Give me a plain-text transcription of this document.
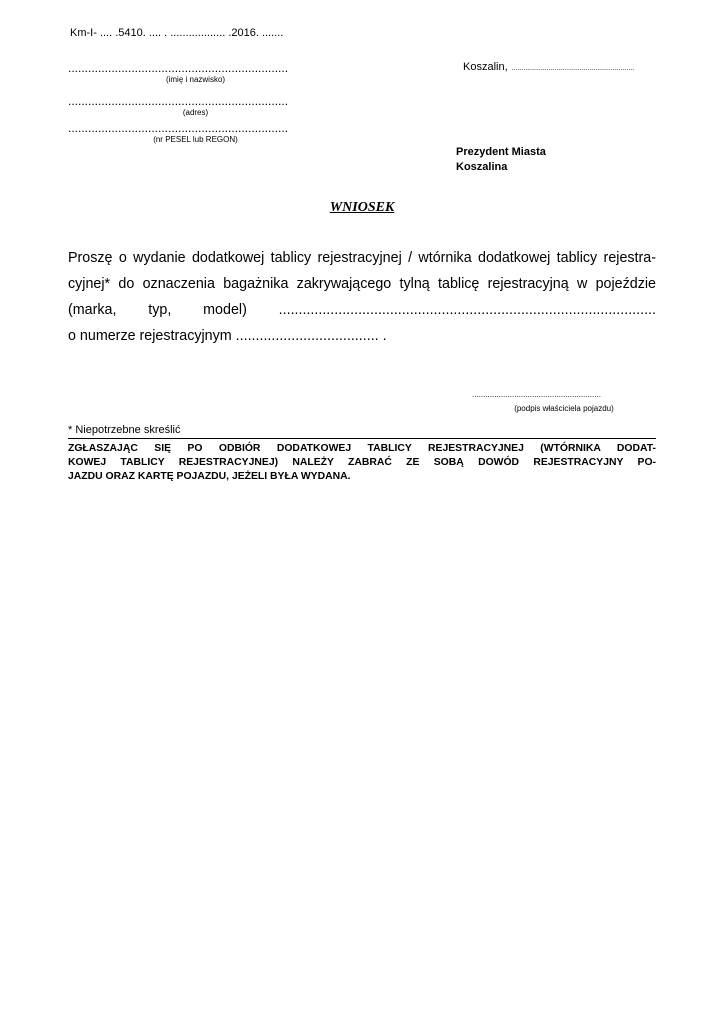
Km-I- .... .5410. .... . .................. .2016. .......
..................................................................
(imię i nazwisko)
..................................................................
(adres)
..................................................................
(nr PESEL lub REGON)
Koszalin, ...............................................................
Prezydent Miasta
Koszalina
WNIOSEK
Proszę o wydanie dodatkowej tablicy rejestracyjnej / wtórnika dodatkowej tablicy rejestra-
cyjnej* do oznaczenia bagażnika zakrywającego tylną tablicę rejestracyjną w pojeździe
(marka, typ, model) ...............................................................................................
o numerze rejestracyjnym .................................... .
..........................................................
(podpis właściciela pojazdu)
* Niepotrzebne skreślić
ZGŁASZAJĄC SIĘ PO ODBIÓR DODATKOWEJ TABLICY REJESTRACYJNEJ (WTÓRNIKA DODAT-
KOWEJ TABLICY REJESTRACYJNEJ) NALEŻY ZABRAĆ ZE SOBĄ DOWÓD REJESTRACYJNY PO-
JAZDU ORAZ KARTĘ POJAZDU, JEŻELI BYŁA WYDANA.
